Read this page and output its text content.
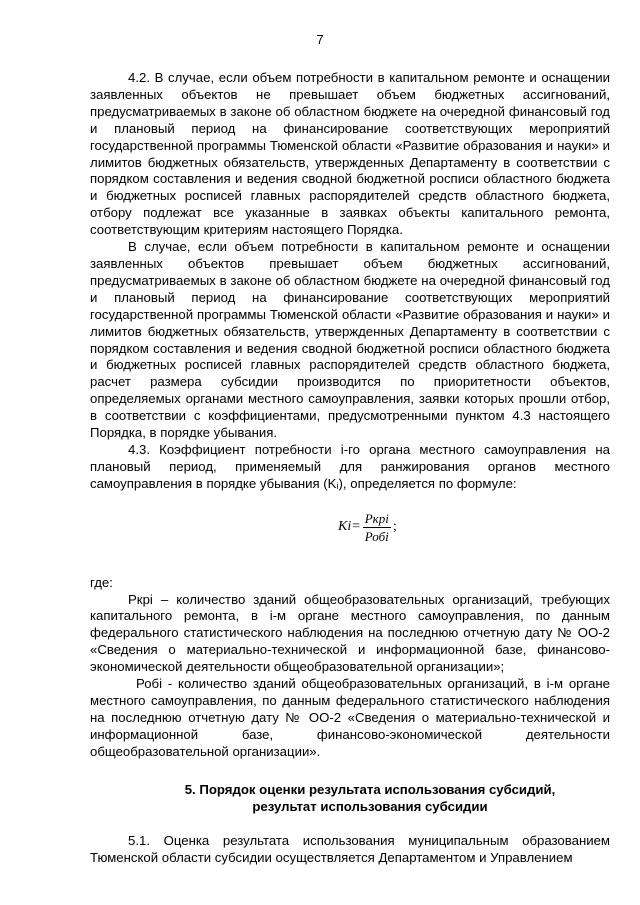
7

4.2. В случае, если объем потребности в капитальном ремонте и оснащении заявленных объектов не превышает объем бюджетных ассигнований, предусматриваемых в законе об областном бюджете на очередной финансовый год и плановый период на финансирование соответствующих мероприятий государственной программы Тюменской области «Развитие образования и науки» и лимитов бюджетных обязательств, утвержденных Департаменту в соответствии с порядком составления и ведения сводной бюджетной росписи областного бюджета и бюджетных росписей главных распорядителей средств областного бюджета, отбору подлежат все указанные в заявках объекты капитального ремонта, соответствующим критериям настоящего Порядка.

В случае, если объем потребности в капитальном ремонте и оснащении заявленных объектов превышает объем бюджетных ассигнований, предусматриваемых в законе об областном бюджете на очередной финансовый год и плановый период на финансирование соответствующих мероприятий государственной программы Тюменской области «Развитие образования и науки» и лимитов бюджетных обязательств, утвержденных Департаменту в соответствии с порядком составления и ведения сводной бюджетной росписи областного бюджета и бюджетных росписей главных распорядителей средств областного бюджета, расчет размера субсидии производится по приоритетности объектов, определяемых органами местного самоуправления, заявки которых прошли отбор, в соответствии с коэффициентами, предусмотренными пунктом 4.3 настоящего Порядка, в порядке убывания.

4.3. Коэффициент потребности i-го органа местного самоуправления на плановый период, применяемый для ранжирования органов местного самоуправления в порядке убывания (Kᵢ), определяется по формуле:

$Ki= \frac{\text{Ркрi}}{\text{Робi}}$ ;

где:

Ркрi – количество зданий общеобразовательных организаций, требующих капитального ремонта, в i-м органе местного самоуправления, по данным федерального статистического наблюдения на последнюю отчетную дату № ОО-2 «Сведения о материально-технической и информационной базе, финансово-экономической деятельности общеобразовательной организации»;

Робi - количество зданий общеобразовательных организаций, в i-м органе местного самоуправления, по данным федерального статистического наблюдения на последнюю отчетную дату № ОО-2 «Сведения о материально-технической и информационной базе, финансово-экономической деятельности общеобразовательной организации».

5. Порядок оценки результата использования субсидий,
результат использования субсидии

5.1. Оценка результата использования муниципальным образованием Тюменской области субсидии осуществляется Департаментом и Управлением
